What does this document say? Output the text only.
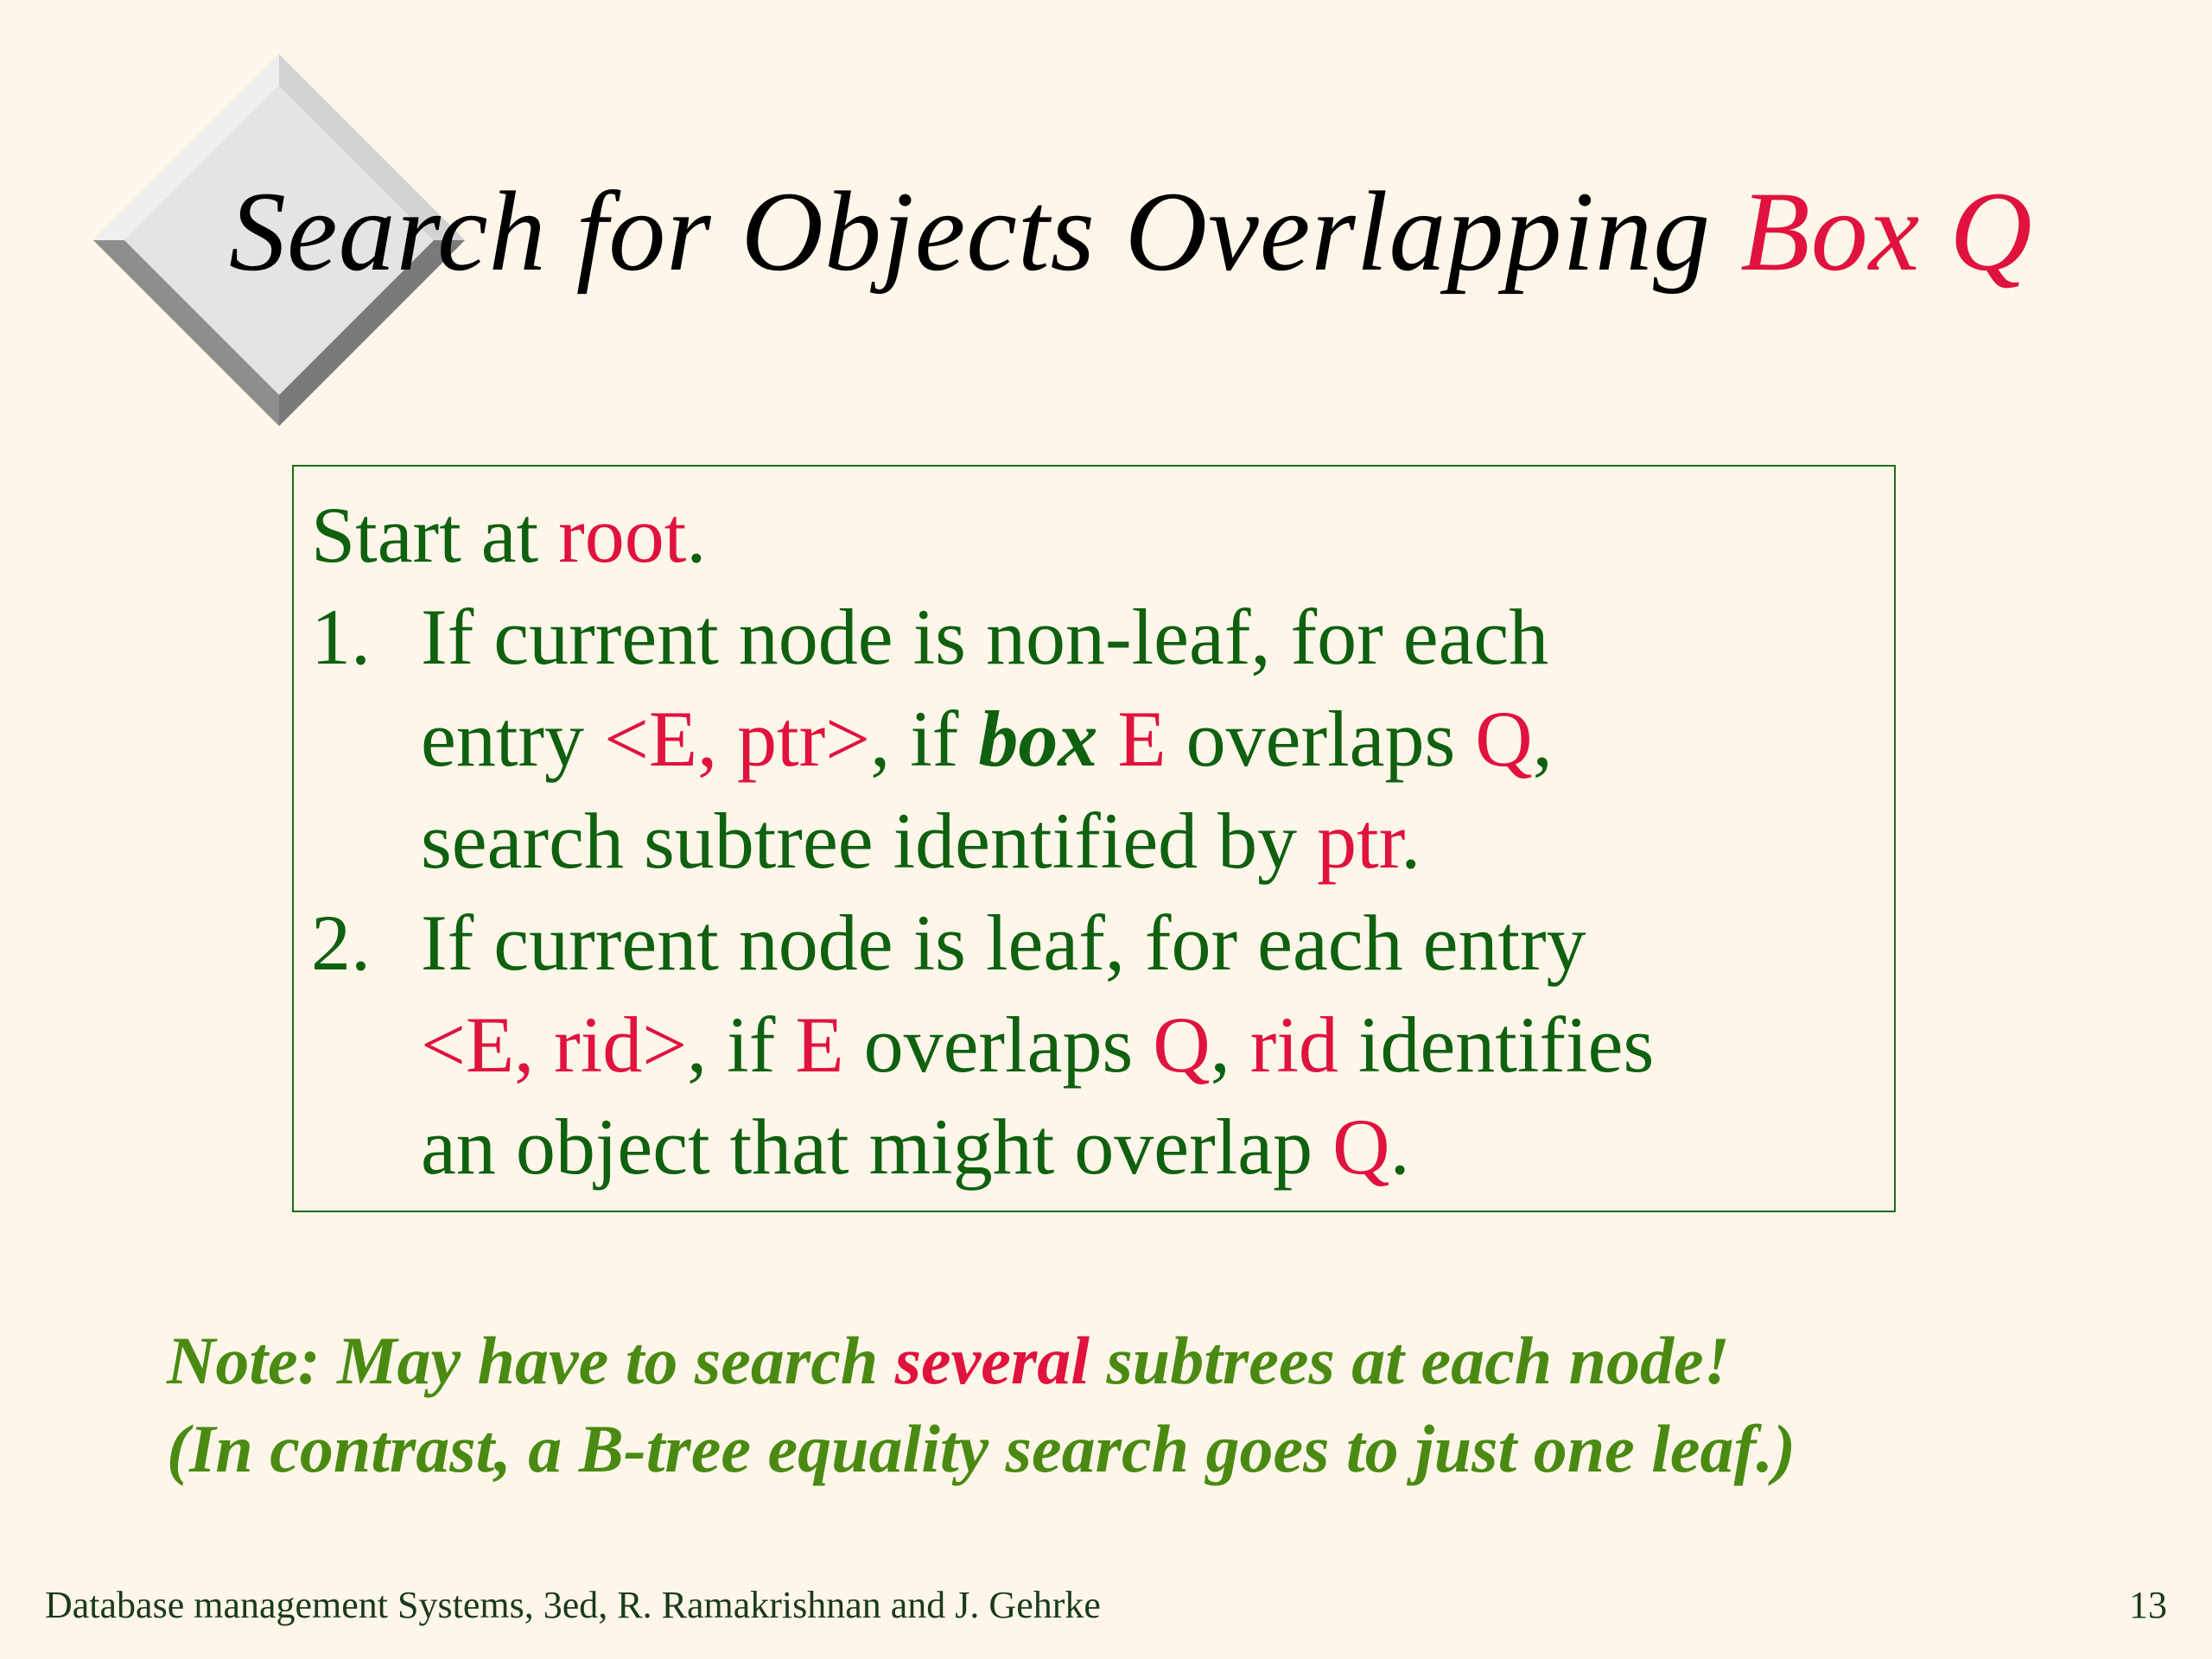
Search for Objects Overlapping Box Q
Start at root.
1. If current node is non-leaf, for each
entry <E, ptr>, if box E overlaps Q,
search subtree identified by ptr.
2. If current node is leaf, for each entry
<E, rid>, if E overlaps Q, rid identifies
an object that might overlap Q.
Note: May have to search several subtrees at each node!
(In contrast, a B-tree equality search goes to just one leaf.)
Database management Systems, 3ed, R. Ramakrishnan and J. Gehrke	13
